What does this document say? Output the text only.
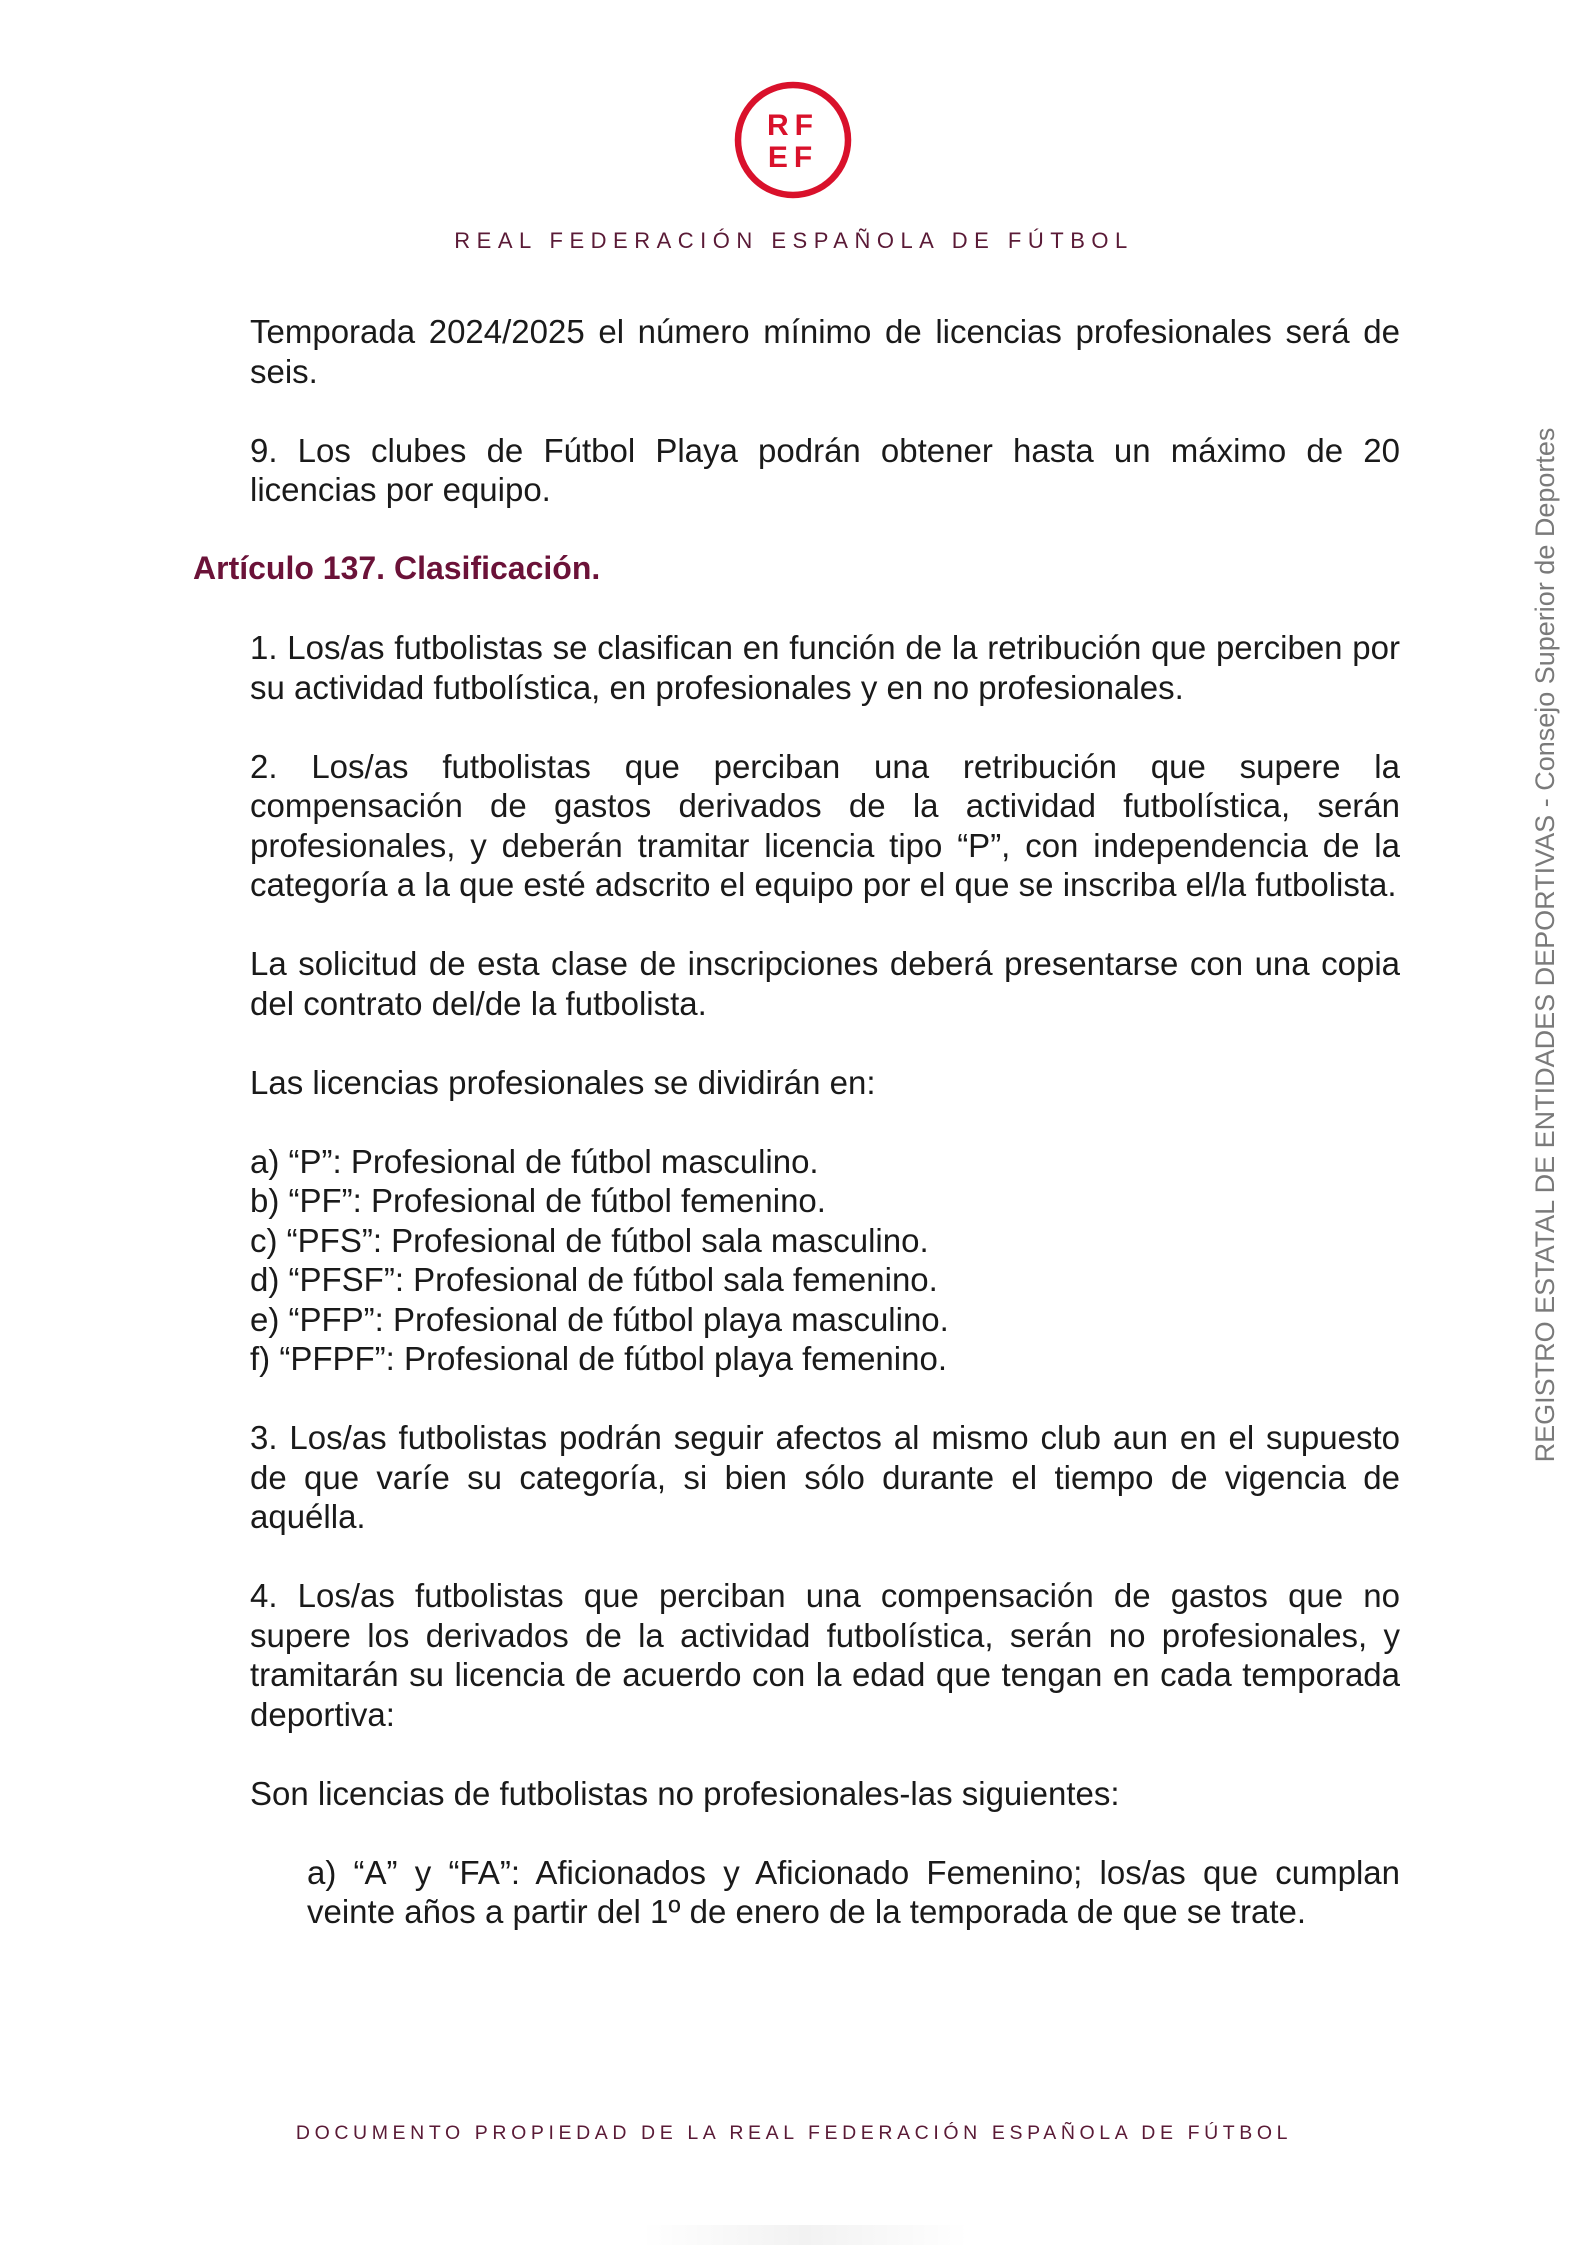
RF
EF
REAL FEDERACIÓN ESPAÑOLA DE FÚTBOL

Temporada 2024/2025 el número mínimo de licencias profesionales será de seis.

9. Los clubes de Fútbol Playa podrán obtener hasta un máximo de 20 licencias por equipo.

Artículo 137. Clasificación.

1. Los/as futbolistas se clasifican en función de la retribución que perciben por su actividad futbolística, en profesionales y en no profesionales.

2. Los/as futbolistas que perciban una retribución que supere la compensación de gastos derivados de la actividad futbolística, serán profesionales, y deberán tramitar licencia tipo “P”, con independencia de la categoría a la que esté adscrito el equipo por el que se inscriba el/la futbolista.

La solicitud de esta clase de inscripciones deberá presentarse con una copia del contrato del/de la futbolista.

Las licencias profesionales se dividirán en:

a) “P”: Profesional de fútbol masculino.
b) “PF”: Profesional de fútbol femenino.
c) “PFS”: Profesional de fútbol sala masculino.
d) “PFSF”: Profesional de fútbol sala femenino.
e) “PFP”: Profesional de fútbol playa masculino.
f) “PFPF”: Profesional de fútbol playa femenino.

3. Los/as futbolistas podrán seguir afectos al mismo club aun en el supuesto de que varíe su categoría, si bien sólo durante el tiempo de vigencia de aquélla.

4. Los/as futbolistas que perciban una compensación de gastos que no supere los derivados de la actividad futbolística, serán no profesionales, y tramitarán su licencia de acuerdo con la edad que tengan en cada temporada deportiva:

Son licencias de futbolistas no profesionales-las siguientes:

a) “A” y “FA”: Aficionados y Aficionado Femenino; los/as que cumplan veinte años a partir del 1º de enero de la temporada de que se trate.
REGISTRO ESTATAL DE ENTIDADES DEPORTIVAS - Consejo Superior de Deportes
DOCUMENTO PROPIEDAD DE LA REAL FEDERACIÓN ESPAÑOLA DE FÚTBOL
